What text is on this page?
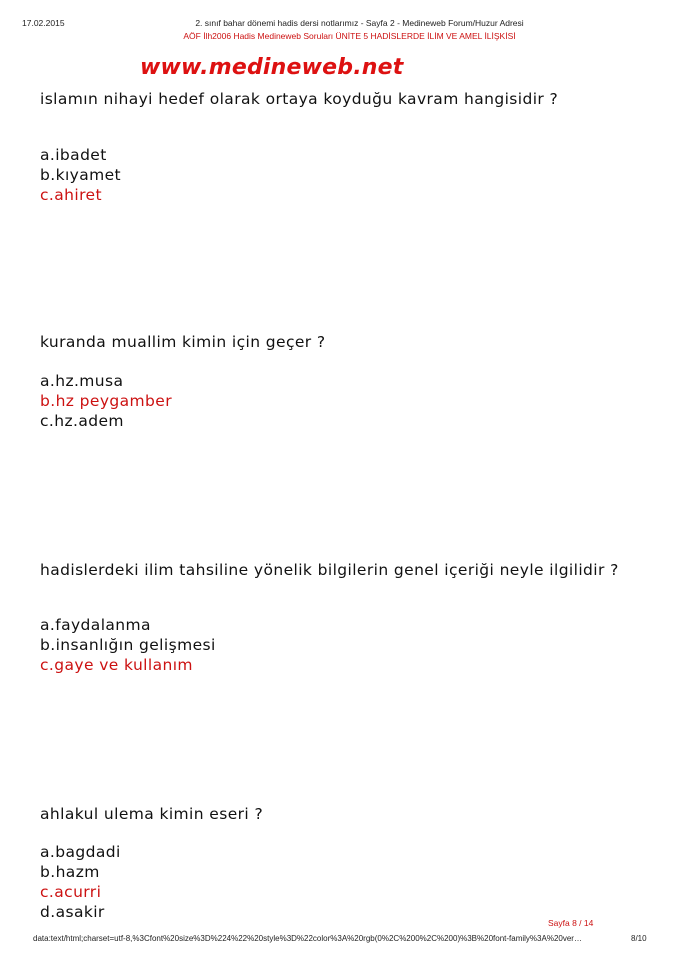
17.02.2015	2. sınıf bahar dönemi hadis dersi notlarımız - Sayfa 2 - Medineweb Forum/Huzur Adresi
AÖF İlh2006 Hadis Medineweb Soruları ÜNİTE 5 HADİSLERDE İLİM VE AMEL İLİŞKİSİ
www.medineweb.net
islamın nihayi hedef olarak ortaya koyduğu kavram hangisidir ?
a.ibadet
b.kıyamet
c.ahiret
kuranda muallim kimin için geçer ?
a.hz.musa
b.hz peygamber
c.hz.adem
hadislerdeki ilim tahsiline yönelik bilgilerin genel içeriği neyle ilgilidir ?
a.faydalanma
b.insanlığın gelişmesi
c.gaye ve kullanım
ahlakul ulema kimin eseri ?
a.bagdadi
b.hazm
c.acurri
d.asakir
Sayfa 8 / 14
data:text/html;charset=utf-8,%3Cfont%20size%3D%224%22%20style%3D%22color%3A%20rgb(0%2C%200%2C%200)%3B%20font-family%3A%20ver…	8/10
